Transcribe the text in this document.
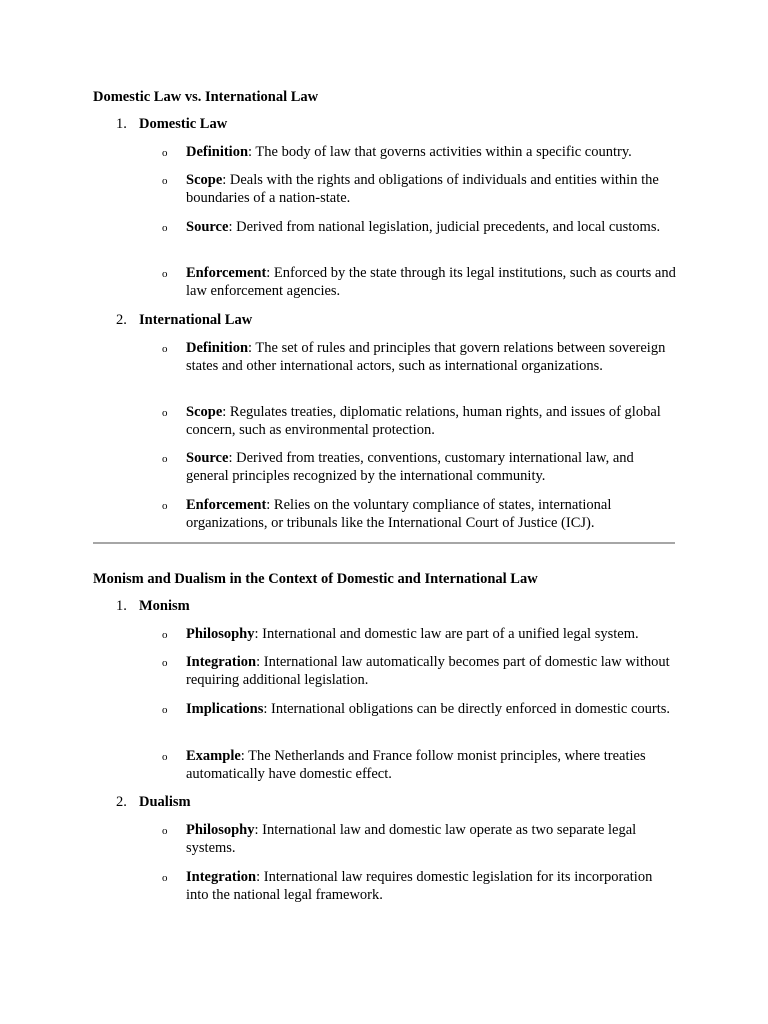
Domestic Law vs. International Law
1. Domestic Law
o Definition: The body of law that governs activities within a specific country.
o Scope: Deals with the rights and obligations of individuals and entities within the boundaries of a nation-state.
o Source: Derived from national legislation, judicial precedents, and local customs.
o Enforcement: Enforced by the state through its legal institutions, such as courts and law enforcement agencies.
2. International Law
o Definition: The set of rules and principles that govern relations between sovereign states and other international actors, such as international organizations.
o Scope: Regulates treaties, diplomatic relations, human rights, and issues of global concern, such as environmental protection.
o Source: Derived from treaties, conventions, customary international law, and general principles recognized by the international community.
o Enforcement: Relies on the voluntary compliance of states, international organizations, or tribunals like the International Court of Justice (ICJ).
Monism and Dualism in the Context of Domestic and International Law
1. Monism
o Philosophy: International and domestic law are part of a unified legal system.
o Integration: International law automatically becomes part of domestic law without requiring additional legislation.
o Implications: International obligations can be directly enforced in domestic courts.
o Example: The Netherlands and France follow monist principles, where treaties automatically have domestic effect.
2. Dualism
o Philosophy: International law and domestic law operate as two separate legal systems.
o Integration: International law requires domestic legislation for its incorporation into the national legal framework.
